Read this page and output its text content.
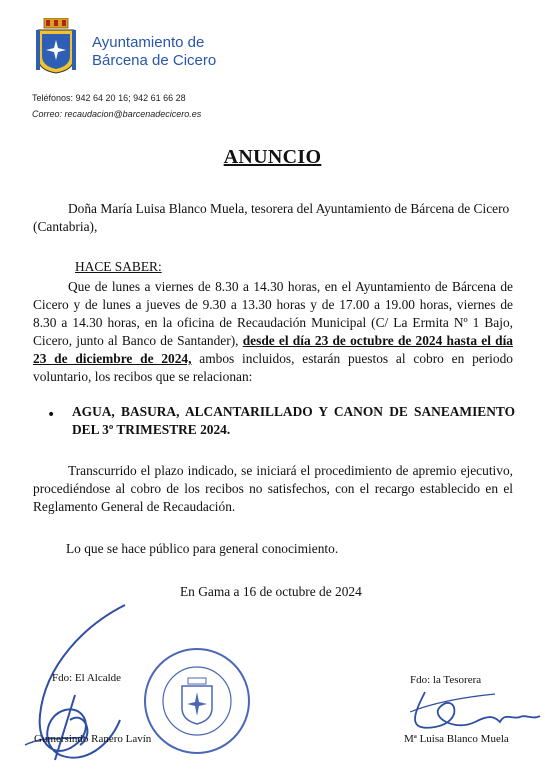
Ayuntamiento de
Bárcena de Cicero
Teléfonos: 942 64 20 16; 942 61 66 28
Correo: recaudacion@barcenadecicero.es
ANUNCIO
Doña María Luisa Blanco Muela, tesorera del Ayuntamiento de Bárcena de Cicero
(Cantabria),
HACE SABER:
Que de lunes a viernes de 8.30 a 14.30 horas, en el Ayuntamiento de Bárcena de Cicero y de lunes a jueves de 9.30 a 13.30 horas y de 17.00 a 19.00 horas, viernes de 8.30 a 14.30 horas, en la oficina de Recaudación Municipal (C/ La Ermita Nº 1 Bajo, Cicero, junto al Banco de Santander), desde el día 23 de octubre de 2024 hasta el día 23 de diciembre de 2024, ambos incluidos, estarán puestos al cobro en periodo voluntario, los recibos que se relacionan:
• AGUA, BASURA, ALCANTARILLADO Y CANON DE SANEAMIENTO DEL 3º TRIMESTRE 2024.
Transcurrido el plazo indicado, se iniciará el procedimiento de apremio ejecutivo, procediéndose al cobro de los recibos no satisfechos, con el recargo establecido en el Reglamento General de Recaudación.
Lo que se hace público para general conocimiento.
En Gama a 16 de octubre de 2024
Fdo: El Alcalde
Gumersindo Ranero Lavín
Fdo: la Tesorera
Mª Luisa Blanco Muela
